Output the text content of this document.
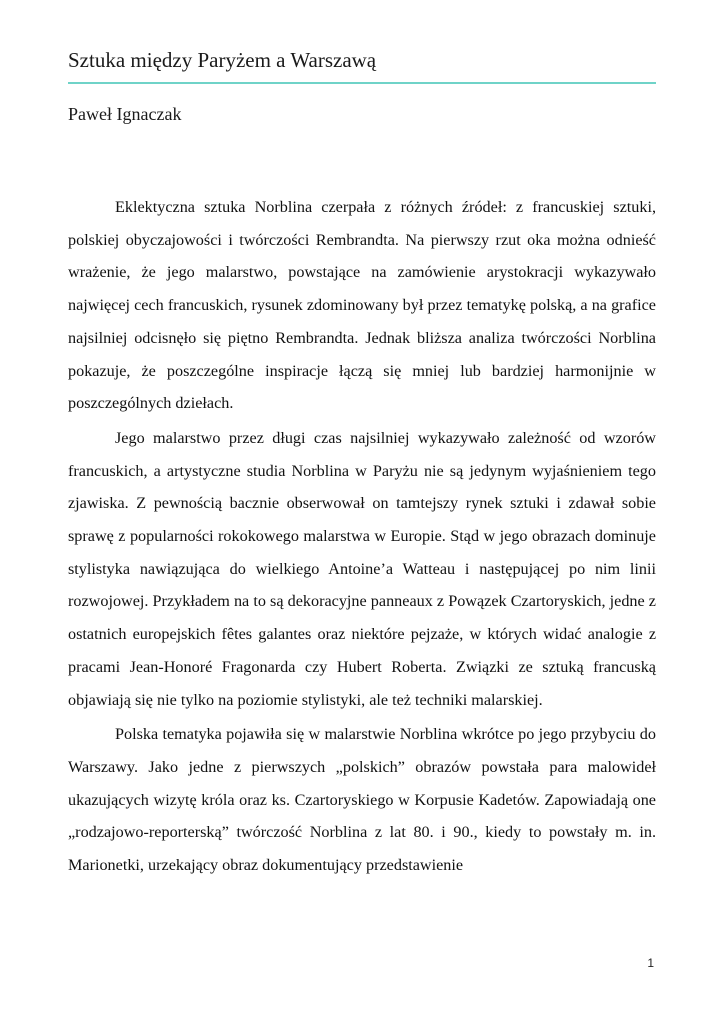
Sztuka między Paryżem a Warszawą
Paweł Ignaczak

Eklektyczna sztuka Norblina czerpała z różnych źródeł: z francuskiej sztuki, polskiej obyczajowości i twórczości Rembrandta. Na pierwszy rzut oka można odnieść wrażenie, że jego malarstwo, powstające na zamówienie arystokracji wykazywało najwięcej cech francuskich, rysunek zdominowany był przez tematykę polską, a na grafice najsilniej odcisnęło się piętno Rembrandta. Jednak bliższa analiza twórczości Norblina pokazuje, że poszczególne inspiracje łączą się mniej lub bardziej harmonijnie w poszczególnych dziełach.

Jego malarstwo przez długi czas najsilniej wykazywało zależność od wzorów francuskich, a artystyczne studia Norblina w Paryżu nie są jedynym wyjaśnieniem tego zjawiska. Z pewnością bacznie obserwował on tamtejszy rynek sztuki i zdawał sobie sprawę z popularności rokokowego malarstwa w Europie. Stąd w jego obrazach dominuje stylistyka nawiązująca do wielkiego Antoine’a Watteau i następującej po nim linii rozwojowej. Przykładem na to są dekoracyjne panneaux z Powązek Czartoryskich, jedne z ostatnich europejskich fêtes galantes oraz niektóre pejzaże, w których widać analogie z pracami Jean-Honoré Fragonarda czy Hubert Roberta. Związki ze sztuką francuską objawiają się nie tylko na poziomie stylistyki, ale też techniki malarskiej.

Polska tematyka pojawiła się w malarstwie Norblina wkrótce po jego przybyciu do Warszawy. Jako jedne z pierwszych „polskich” obrazów powstała para malowideł ukazujących wizytę króla oraz ks. Czartoryskiego w Korpusie Kadetów. Zapowiadają one „rodzajowo-reporterską” twórczość Norblina z lat 80. i 90., kiedy to powstały m. in. Marionetki, urzekający obraz dokumentujący przedstawienie

1
